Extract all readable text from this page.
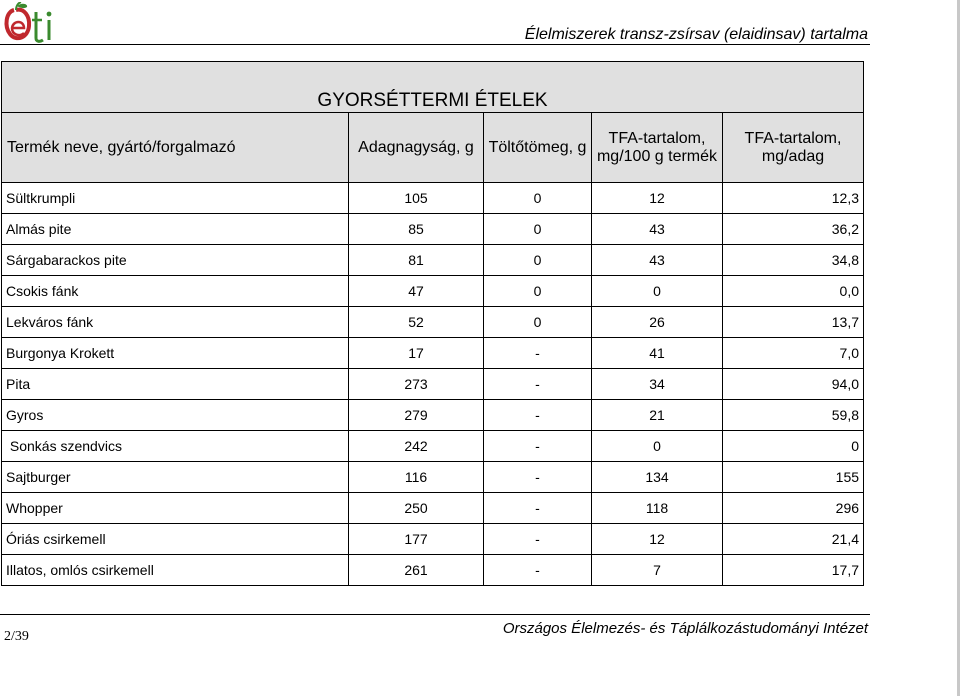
Élelmiszerek transz-zsírsav (elaidinsav) tartalma
GYORSÉTTERMI ÉTELEK				
Termék neve, gyártó/forgalmazó	Adagnagyság, g	Töltőtömeg, g	TFA-tartalom, mg/100 g termék	TFA-tartalom, mg/adag
Sültkrumpli	105	0	12	12,3
Almás pite	85	0	43	36,2
Sárgabarackos pite	81	0	43	34,8
Csokis fánk	47	0	0	0,0
Lekváros fánk	52	0	26	13,7
Burgonya Krokett	17	-	41	7,0
Pita	273	-	34	94,0
Gyros	279	-	21	59,8
Sonkás szendvics	242	-	0	0
Sajtburger	116	-	134	155
Whopper	250	-	118	296
Óriás csirkemell	177	-	12	21,4
Illatos, omlós csirkemell	261	-	7	17,7
2/39	Országos Élelmezés- és Táplálkozástudományi Intézet
